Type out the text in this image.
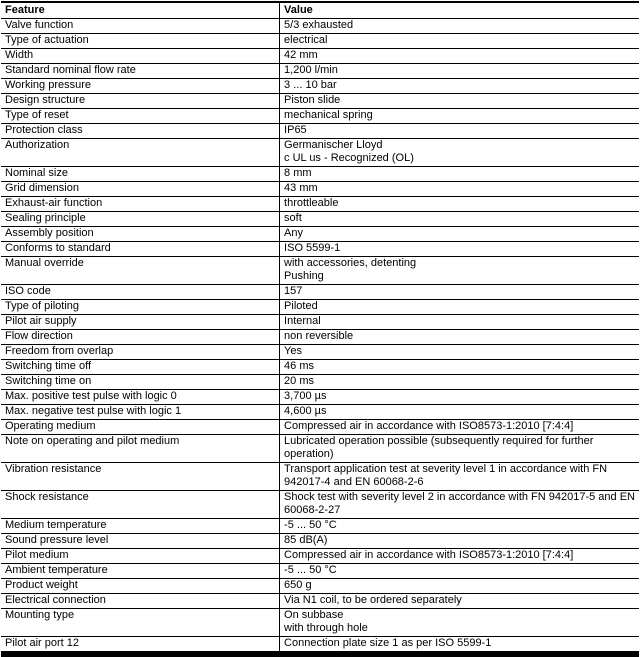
Feature	Value
Valve function	5/3 exhausted

Type of actuation	electrical

Width	42 mm

Standard nominal flow rate	1,200 l/min

Working pressure	3 ... 10 bar

Design structure	Piston slide

Type of reset	mechanical spring

Protection class	IP65

Authorization	Germanischer Lloyd
c UL us - Recognized (OL)

Nominal size	8 mm

Grid dimension	43 mm

Exhaust-air function	throttleable

Sealing principle	soft

Assembly position	Any

Conforms to standard	ISO 5599-1

Manual override	with accessories, detenting
Pushing

ISO code	157

Type of piloting	Piloted

Pilot air supply	Internal

Flow direction	non reversible

Freedom from overlap	Yes

Switching time off	46 ms

Switching time on	20 ms

Max. positive test pulse with logic 0	3,700 µs

Max. negative test pulse with logic 1	4,600 µs

Operating medium	Compressed air in accordance with ISO8573-1:2010 [7:4:4]

Note on operating and pilot medium	Lubricated operation possible (subsequently required for further
operation)

Vibration resistance	Transport application test at severity level 1 in accordance with FN
942017-4 and EN 60068-2-6

Shock resistance	Shock test with severity level 2 in accordance with FN 942017-5 and EN
60068-2-27

Medium temperature	-5 ... 50 °C

Sound pressure level	85 dB(A)

Pilot medium	Compressed air in accordance with ISO8573-1:2010 [7:4:4]

Ambient temperature	-5 ... 50 °C

Product weight	650 g

Electrical connection	Via N1 coil, to be ordered separately

Mounting type	On subbase
with through hole

Pilot air port 12	Connection plate size 1 as per ISO 5599-1
